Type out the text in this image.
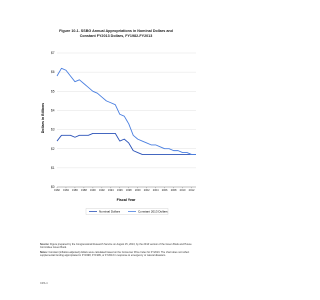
Figure 10-1. SSBG Annual Appropriations in Nominal Dollars and
Constant FY2013 Dollars, FY1982-FY2013
$0
$1
$2
$3
$4
$5
$6
$7
1982 1984 1986 1988 1990 1992 1994 1996 1998 2000 2002 2004 2006 2008 2010 2012
Dollars in Billions
Fiscal Year
Nominal Dollars	Constant 2013 Dollars

Source: Figure prepared by the Congressional Research Service on August 15, 2013, by the 2014 version of the Green Book and House Committee Green Book.

Notes: Constant (inflation-adjusted) dollars were calculated based on the Consumer Price Index for FY2013. The chart does not reflect supplemental funding appropriated in FY1998, FY1999, or FY2013 in response to emergency or natural disasters.

CRS-4
